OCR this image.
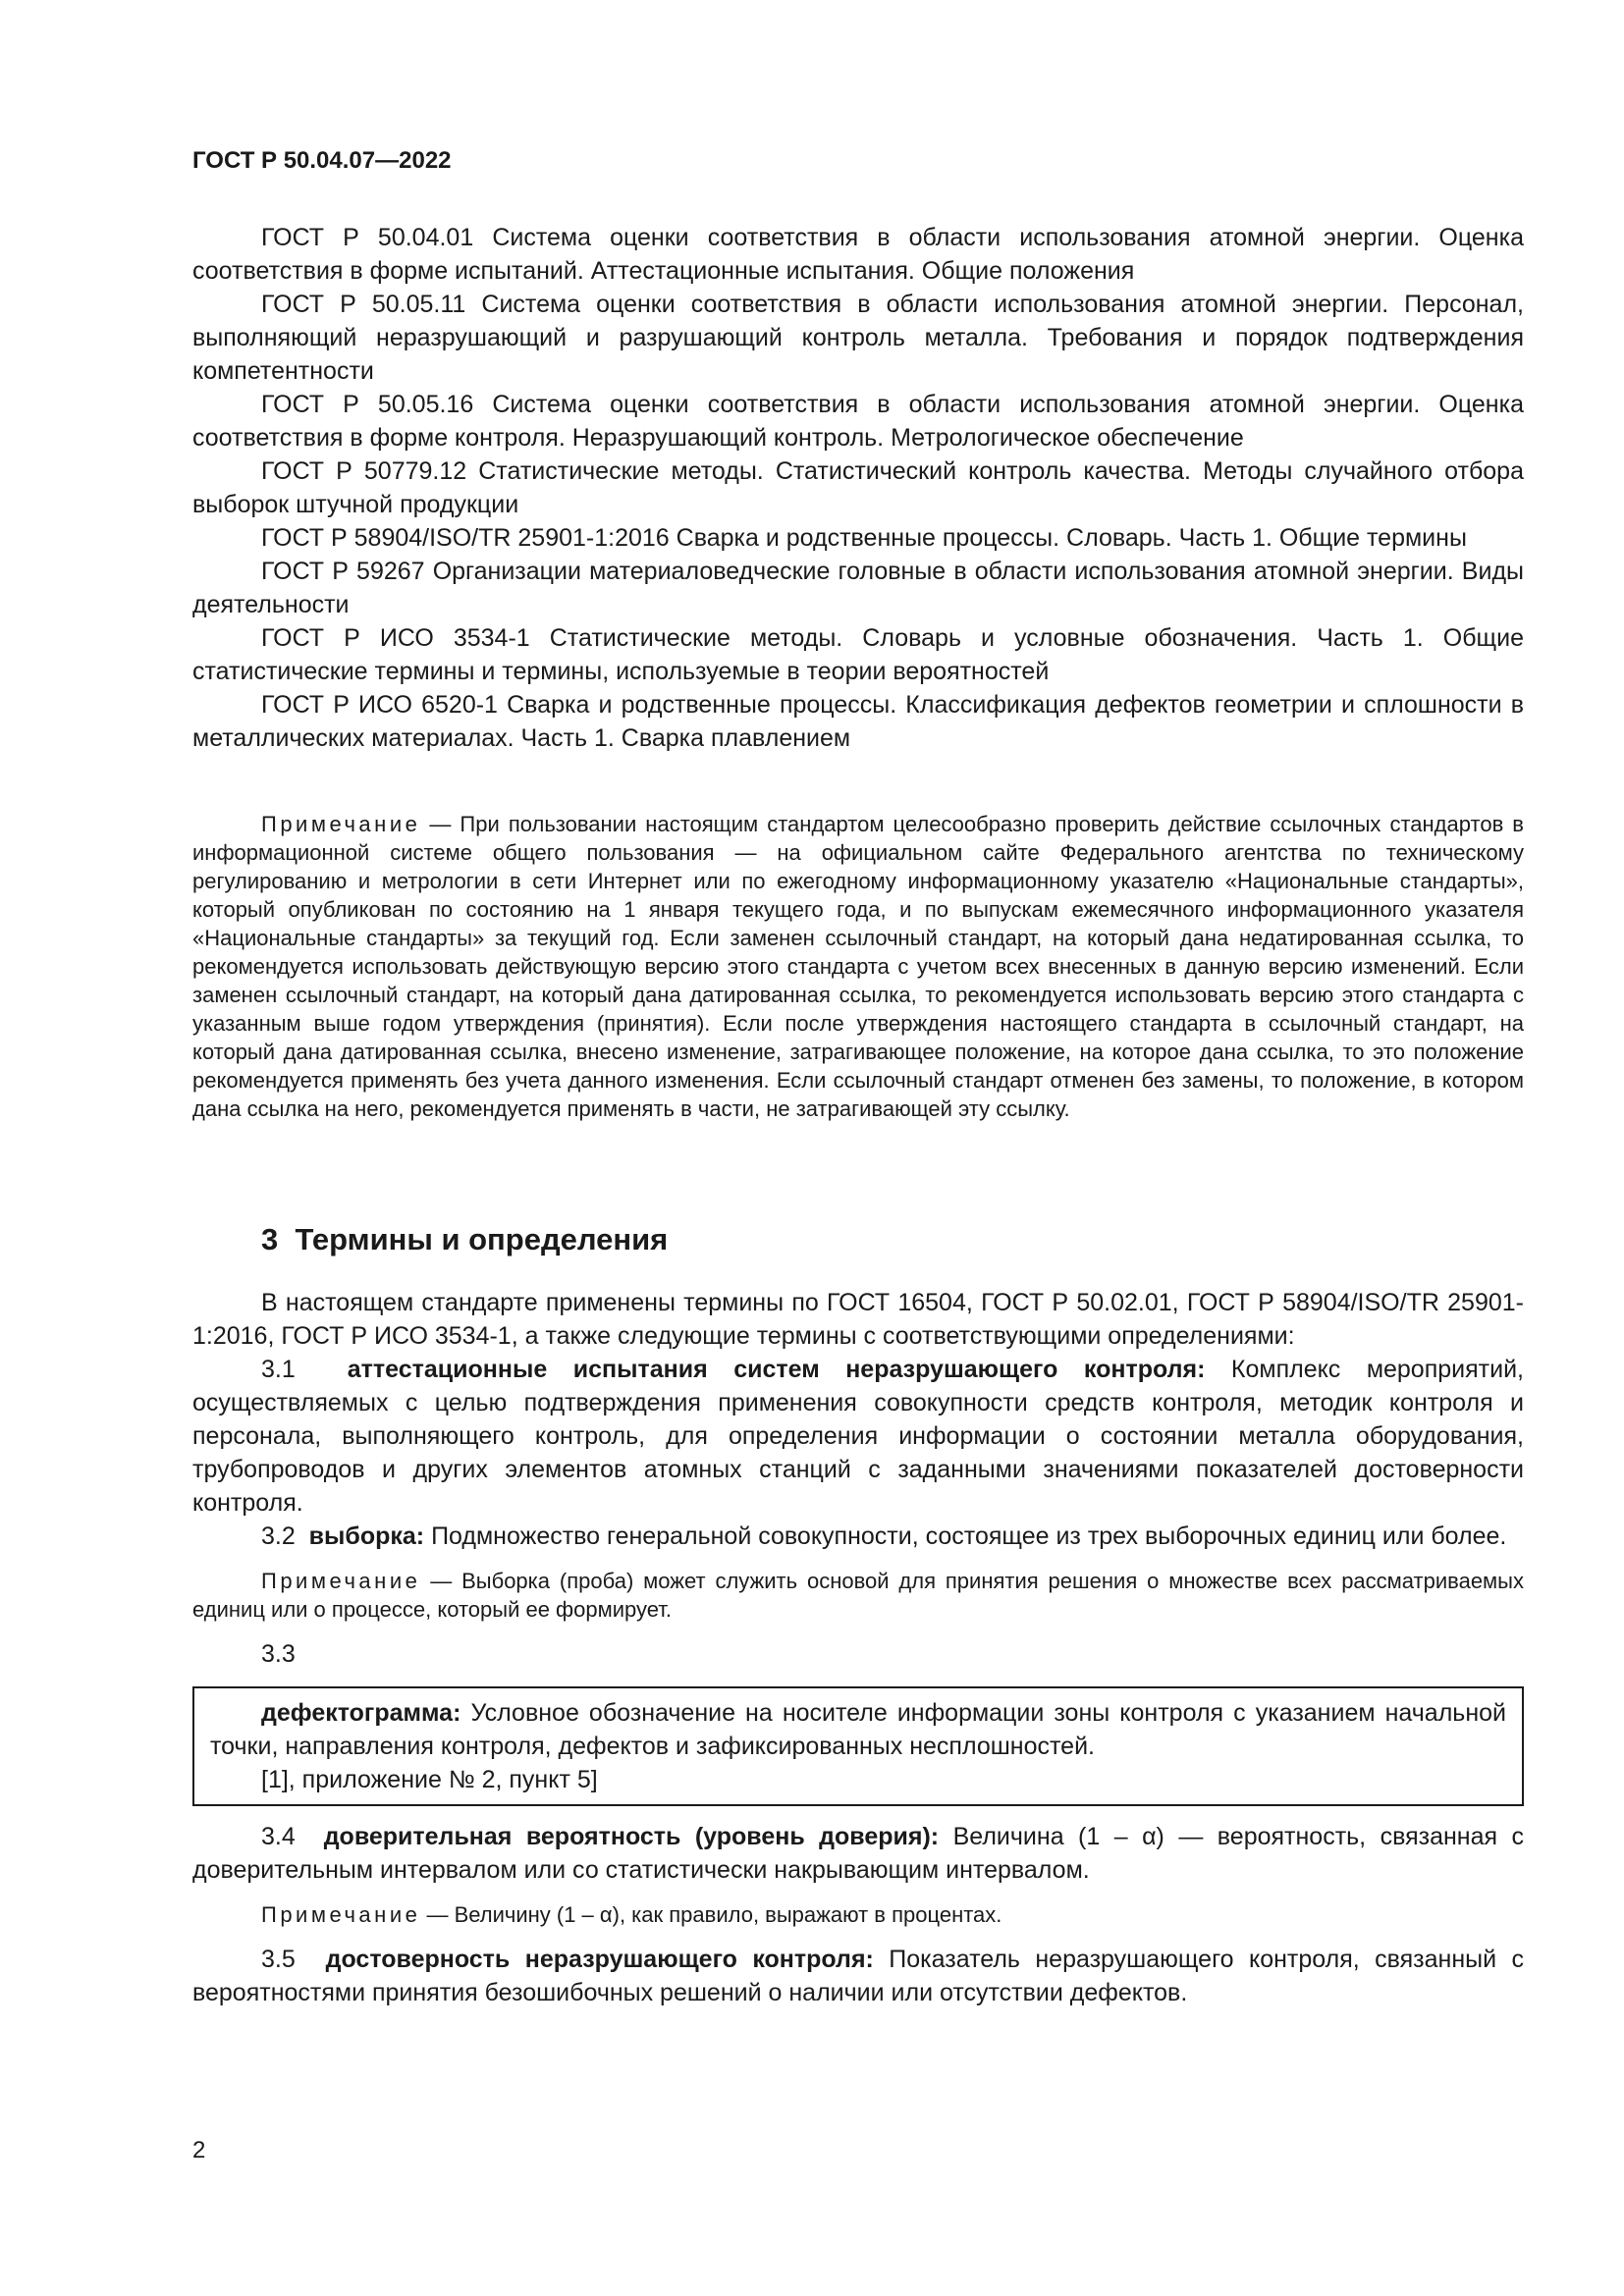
ГОСТ Р 50.04.07—2022

ГОСТ Р 50.04.01 Система оценки соответствия в области использования атомной энергии. Оценка соответствия в форме испытаний. Аттестационные испытания. Общие положения

ГОСТ Р 50.05.11 Система оценки соответствия в области использования атомной энергии. Персонал, выполняющий неразрушающий и разрушающий контроль металла. Требования и порядок подтверждения компетентности

ГОСТ Р 50.05.16 Система оценки соответствия в области использования атомной энергии. Оценка соответствия в форме контроля. Неразрушающий контроль. Метрологическое обеспечение

ГОСТ Р 50779.12 Статистические методы. Статистический контроль качества. Методы случайного отбора выборок штучной продукции

ГОСТ Р 58904/ISO/TR 25901-1:2016 Сварка и родственные процессы. Словарь. Часть 1. Общие термины

ГОСТ Р 59267 Организации материаловедческие головные в области использования атомной энергии. Виды деятельности

ГОСТ Р ИСО 3534-1 Статистические методы. Словарь и условные обозначения. Часть 1. Общие статистические термины и термины, используемые в теории вероятностей

ГОСТ Р ИСО 6520-1 Сварка и родственные процессы. Классификация дефектов геометрии и сплошности в металлических материалах. Часть 1. Сварка плавлением

Примечание — При пользовании настоящим стандартом целесообразно проверить действие ссылочных стандартов в информационной системе общего пользования — на официальном сайте Федерального агентства по техническому регулированию и метрологии в сети Интернет или по ежегодному информационному указателю «Национальные стандарты», который опубликован по состоянию на 1 января текущего года, и по выпускам ежемесячного информационного указателя «Национальные стандарты» за текущий год. Если заменен ссылочный стандарт, на который дана недатированная ссылка, то рекомендуется использовать действующую версию этого стандарта с учетом всех внесенных в данную версию изменений. Если заменен ссылочный стандарт, на который дана датированная ссылка, то рекомендуется использовать версию этого стандарта с указанным выше годом утверждения (принятия). Если после утверждения настоящего стандарта в ссылочный стандарт, на который дана датированная ссылка, внесено изменение, затрагивающее положение, на которое дана ссылка, то это положение рекомендуется применять без учета данного изменения. Если ссылочный стандарт отменен без замены, то положение, в котором дана ссылка на него, рекомендуется применять в части, не затрагивающей эту ссылку.

3 Термины и определения

В настоящем стандарте применены термины по ГОСТ 16504, ГОСТ Р 50.02.01, ГОСТ Р 58904/ISO/TR 25901-1:2016, ГОСТ Р ИСО 3534-1, а также следующие термины с соответствующими определениями:

3.1 аттестационные испытания систем неразрушающего контроля: Комплекс мероприятий, осуществляемых с целью подтверждения применения совокупности средств контроля, методик контроля и персонала, выполняющего контроль, для определения информации о состоянии металла оборудования, трубопроводов и других элементов атомных станций с заданными значениями показателей достоверности контроля.

3.2 выборка: Подмножество генеральной совокупности, состоящее из трех выборочных единиц или более.

Примечание — Выборка (проба) может служить основой для принятия решения о множестве всех рассматриваемых единиц или о процессе, который ее формирует.

3.3

дефектограмма: Условное обозначение на носителе информации зоны контроля с указанием начальной точки, направления контроля, дефектов и зафиксированных несплошностей.

[1], приложение № 2, пункт 5]

3.4 доверительная вероятность (уровень доверия): Величина (1 – α) — вероятность, связанная с доверительным интервалом или со статистически накрывающим интервалом.

Примечание — Величину (1 – α), как правило, выражают в процентах.

3.5 достоверность неразрушающего контроля: Показатель неразрушающего контроля, связанный с вероятностями принятия безошибочных решений о наличии или отсутствии дефектов.

2
